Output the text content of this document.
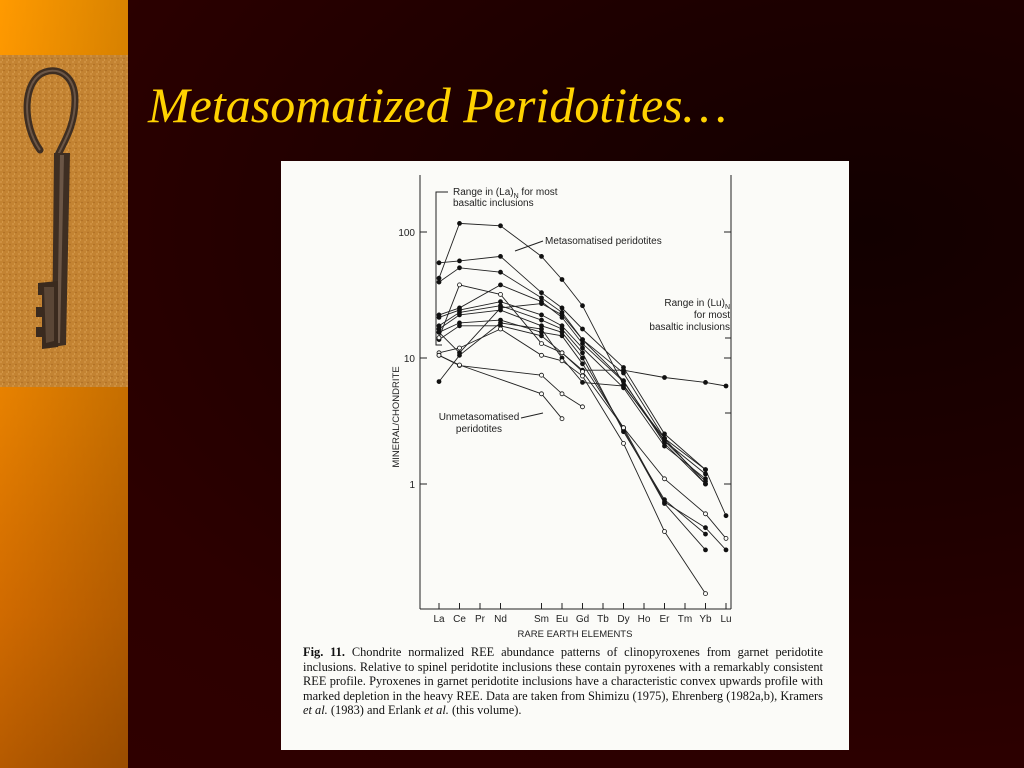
Metasomatized Peridotites…
1
10
100
La Ce Pr Nd	Sm Eu Gd Tb Dy Ho Er Tm Yb Lu
MINERAL/CHONDRITE
RARE EARTH ELEMENTS
Range in $(La)_N$ for most
basaltic inclusions
Metasomatised peridotites
Range in $(Lu)_N$
for most
basaltic inclusions
Unmetasomatised
peridotites
Fig. 11. Chondrite normalized REE abundance patterns of clinopyroxenes from garnet peridotite inclusions. Relative to spinel peridotite inclusions these contain pyroxenes with a remarkably consistent REE profile. Pyroxenes in garnet peridotite inclusions have a characteristic convex upwards profile with marked depletion in the heavy REE. Data are taken from Shimizu (1975), Ehrenberg (1982a,b), Kramers et al. (1983) and Erlank et al. (this volume).
